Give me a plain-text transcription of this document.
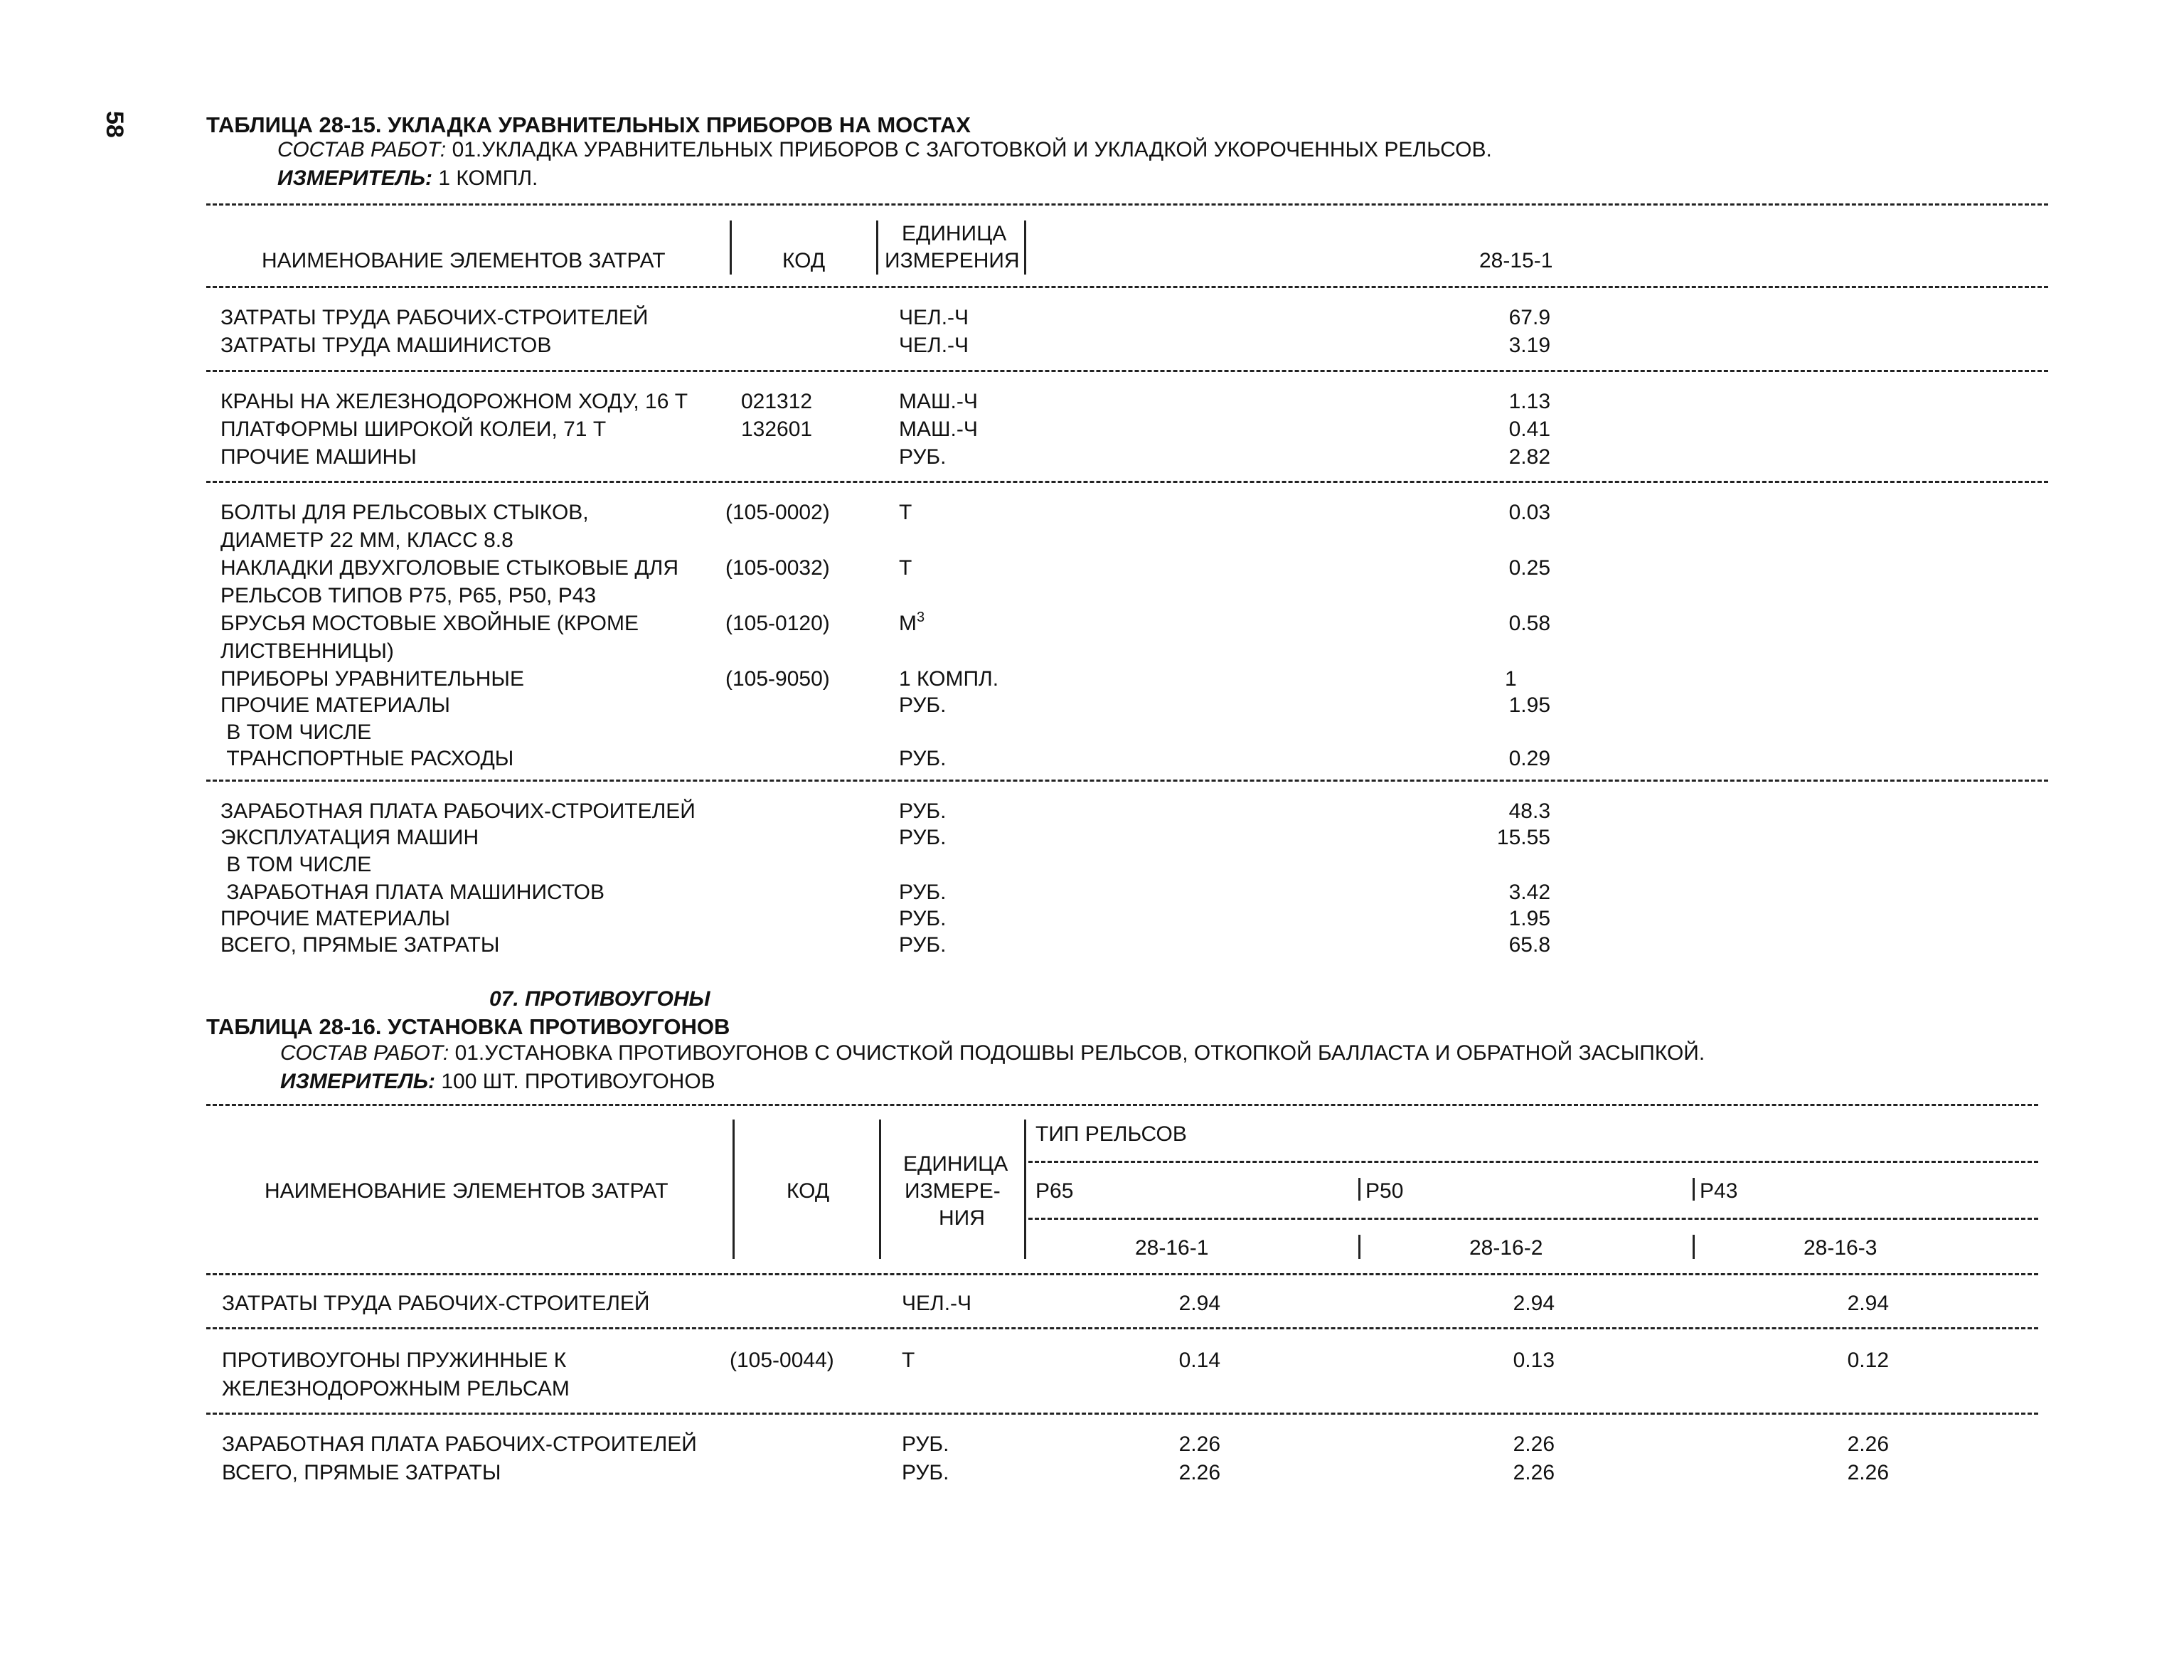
58	ТАБЛИЦА 28-15. УКЛАДКА УРАВНИТЕЛЬНЫХ ПРИБОРОВ НА МОСТАХ
СОСТАВ РАБОТ: 01.УКЛАДКА УРАВНИТЕЛЬНЫХ ПРИБОРОВ С ЗАГОТОВКОЙ И УКЛАДКОЙ УКОРОЧЕННЫХ РЕЛЬСОВ.
ИЗМЕРИТЕЛЬ: 1 КОМПЛ.
НАИМЕНОВАНИЕ ЭЛЕМЕНТОВ ЗАТРАТ	КОД
ЕДИНИЦА
ИЗМЕРЕНИЯ	28-15-1
ЗАТРАТЫ ТРУДА РАБОЧИХ-СТРОИТЕЛЕЙ	ЧЕЛ.-Ч	67.9
ЗАТРАТЫ ТРУДА МАШИНИСТОВ	ЧЕЛ.-Ч	3.19
КРАНЫ НА ЖЕЛЕЗНОДОРОЖНОМ ХОДУ, 16 Т 021312	МАШ.-Ч	1.13
ПЛАТФОРМЫ ШИРОКОЙ КОЛЕИ, 71 Т	132601	МАШ.-Ч	0.41
ПРОЧИЕ МАШИНЫ	РУБ.	2.82
БОЛТЫ ДЛЯ РЕЛЬСОВЫХ СТЫКОВ,	(105-0002)	Т	0.03
ДИАМЕТР 22 ММ, КЛАСС 8.8
НАКЛАДКИ ДВУХГОЛОВЫЕ СТЫКОВЫЕ ДЛЯ (105-0032)	Т	0.25
РЕЛЬСОВ ТИПОВ Р75, Р65, Р50, Р43
БРУСЬЯ МОСТОВЫЕ ХВОЙНЫЕ (КРОМЕ	(105-0120)	$М^3$	0.58
ЛИСТВЕННИЦЫ)
ПРИБОРЫ УРАВНИТЕЛЬНЫЕ	(105-9050)	1 КОМПЛ.	1
ПРОЧИЕ МАТЕРИАЛЫ	РУБ.	1.95
В ТОМ ЧИСЛЕ
ТРАНСПОРТНЫЕ РАСХОДЫ	РУБ.	0.29
ЗАРАБОТНАЯ ПЛАТА РАБОЧИХ-СТРОИТЕЛЕЙ	РУБ.	48.3
ЭКСПЛУАТАЦИЯ МАШИН	РУБ.	15.55
В ТОМ ЧИСЛЕ
ЗАРАБОТНАЯ ПЛАТА МАШИНИСТОВ	РУБ.	3.42
ПРОЧИЕ МАТЕРИАЛЫ	РУБ.	1.95
ВСЕГО, ПРЯМЫЕ ЗАТРАТЫ	РУБ.	65.8
07. ПРОТИВОУГОНЫ
ТАБЛИЦА 28-16. УСТАНОВКА ПРОТИВОУГОНОВ
СОСТАВ РАБОТ: 01.УСТАНОВКА ПРОТИВОУГОНОВ С ОЧИСТКОЙ ПОДОШВЫ РЕЛЬСОВ, ОТКОПКОЙ БАЛЛАСТА И ОБРАТНОЙ ЗАСЫПКОЙ.
ИЗМЕРИТЕЛЬ: 100 ШТ. ПРОТИВОУГОНОВ
ТИП РЕЛЬСОВ
НАИМЕНОВАНИЕ ЭЛЕМЕНТОВ ЗАТРАТ	КОД
ЕДИНИЦА
ИЗМЕРЕ-
НИЯ
Р65	Р50	Р43
28-16-1	28-16-2	28-16-3
ЗАТРАТЫ ТРУДА РАБОЧИХ-СТРОИТЕЛЕЙ	ЧЕЛ.-Ч	2.94	2.94	2.94
ПРОТИВОУГОНЫ ПРУЖИННЫЕ К
ЖЕЛЕЗНОДОРОЖНЫМ РЕЛЬСАМ
(105-0044)	Т	0.14	0.13	0.12
ЗАРАБОТНАЯ ПЛАТА РАБОЧИХ-СТРОИТЕЛЕЙ	РУБ.	2.26	2.26	2.26
ВСЕГО, ПРЯМЫЕ ЗАТРАТЫ	РУБ.	2.26	2.26	2.26
